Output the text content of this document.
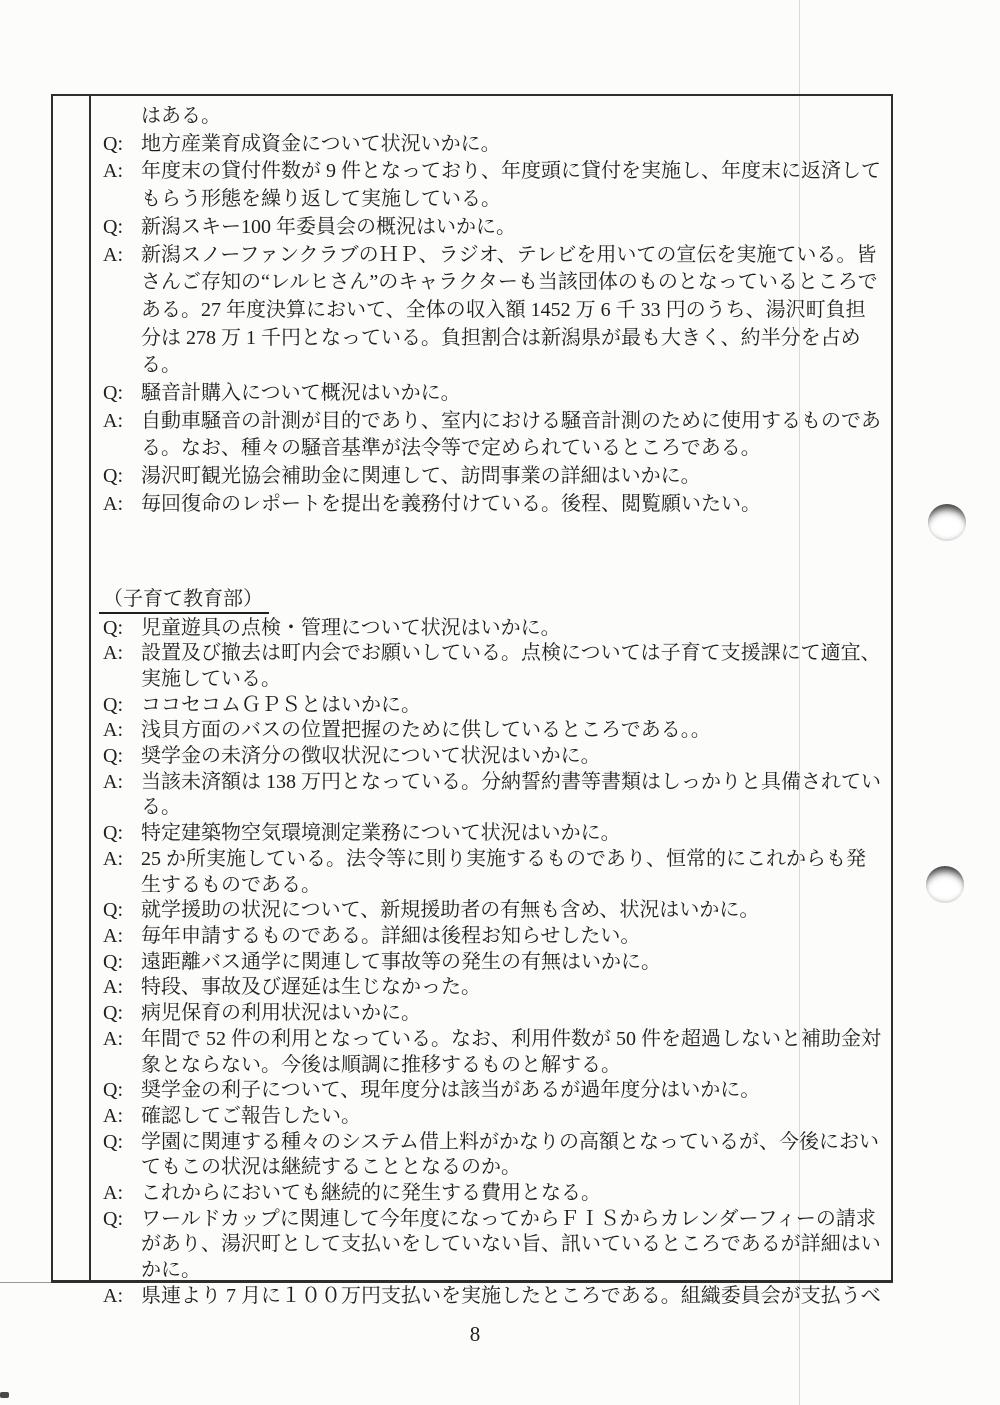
はある。
Q: 地方産業育成資金について状況いかに。
A: 年度末の貸付件数が 9 件となっており、年度頭に貸付を実施し、年度末に返済してもらう形態を繰り返して実施している。
Q: 新潟スキー100 年委員会の概況はいかに。
A: 新潟スノーファンクラブのＨＰ、ラジオ、テレビを用いての宣伝を実施ている。皆さんご存知の“レルヒさん”のキャラクターも当該団体のものとなっているところである。27 年度決算において、全体の収入額 1452 万 6 千 33 円のうち、湯沢町負担分は 278 万 1 千円となっている。負担割合は新潟県が最も大きく、約半分を占める。
Q: 騒音計購入について概況はいかに。
A: 自動車騒音の計測が目的であり、室内における騒音計測のために使用するものである。なお、種々の騒音基準が法令等で定められているところである。
Q: 湯沢町観光協会補助金に関連して、訪問事業の詳細はいかに。
A: 毎回復命のレポートを提出を義務付けている。後程、閲覧願いたい。
（子育て教育部）
Q: 児童遊具の点検・管理について状況はいかに。
A: 設置及び撤去は町内会でお願いしている。点検については子育て支援課にて適宜、実施している。
Q: ココセコムＧＰＳとはいかに。
A: 浅貝方面のバスの位置把握のために供しているところである。。
Q: 奨学金の未済分の徴収状況について状況はいかに。
A: 当該未済額は 138 万円となっている。分納誓約書等書類はしっかりと具備されている。
Q: 特定建築物空気環境測定業務について状況はいかに。
A: 25 か所実施している。法令等に則り実施するものであり、恒常的にこれからも発生するものである。
Q: 就学援助の状況について、新規援助者の有無も含め、状況はいかに。
A: 毎年申請するものである。詳細は後程お知らせしたい。
Q: 遠距離バス通学に関連して事故等の発生の有無はいかに。
A: 特段、事故及び遅延は生じなかった。
Q: 病児保育の利用状況はいかに。
A: 年間で 52 件の利用となっている。なお、利用件数が 50 件を超過しないと補助金対象とならない。今後は順調に推移するものと解する。
Q: 奨学金の利子について、現年度分は該当があるが過年度分はいかに。
A: 確認してご報告したい。
Q: 学園に関連する種々のシステム借上料がかなりの高額となっているが、今後においてもこの状況は継続することとなるのか。
A: これからにおいても継続的に発生する費用となる。
Q: ワールドカップに関連して今年度になってからＦＩＳからカレンダーフィーの請求があり、湯沢町として支払いをしていない旨、訊いているところであるが詳細はいかに。
A: 県連より 7 月に１００万円支払いを実施したところである。組織委員会が支払うべ
8
